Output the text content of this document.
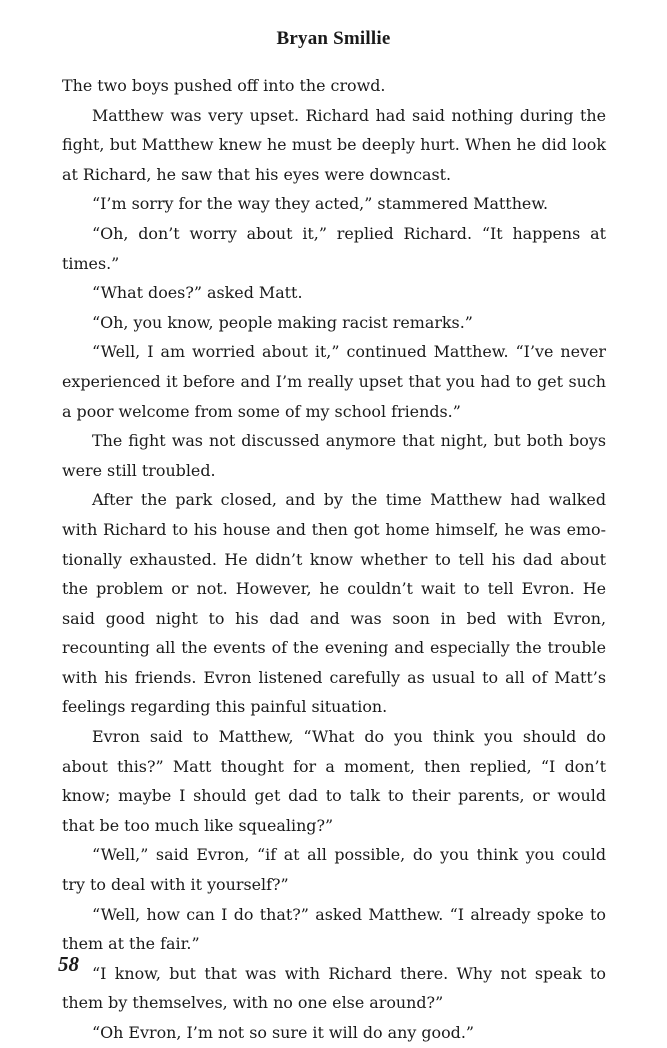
Bryan Smillie

The two boys pushed off into the crowd.

Matthew was very upset. Richard had said nothing during the fight, but Matthew knew he must be deeply hurt. When he did look at Richard, he saw that his eyes were downcast.

“I’m sorry for the way they acted,” stammered Matthew.

“Oh, don’t worry about it,” replied Richard. “It happens at times.”

“What does?” asked Matt.

“Oh, you know, people making racist remarks.”

“Well, I am worried about it,” continued Matthew. “I’ve never experienced it before and I’m really upset that you had to get such a poor welcome from some of my school friends.”

The fight was not discussed anymore that night, but both boys were still troubled.

After the park closed, and by the time Matthew had walked with Richard to his house and then got home himself, he was emotionally exhausted. He didn’t know whether to tell his dad about the problem or not. However, he couldn’t wait to tell Evron. He said good night to his dad and was soon in bed with Evron, recounting all the events of the evening and especially the trouble with his friends. Evron listened carefully as usual to all of Matt’s feelings regarding this painful situation.

Evron said to Matthew, “What do you think you should do about this?” Matt thought for a moment, then replied, “I don’t know; maybe I should get dad to talk to their parents, or would that be too much like squealing?”

“Well,” said Evron, “if at all possible, do you think you could try to deal with it yourself?”

“Well, how can I do that?” asked Matthew. “I already spoke to them at the fair.”

“I know, but that was with Richard there. Why not speak to them by themselves, with no one else around?”

“Oh Evron, I’m not so sure it will do any good.”

58
